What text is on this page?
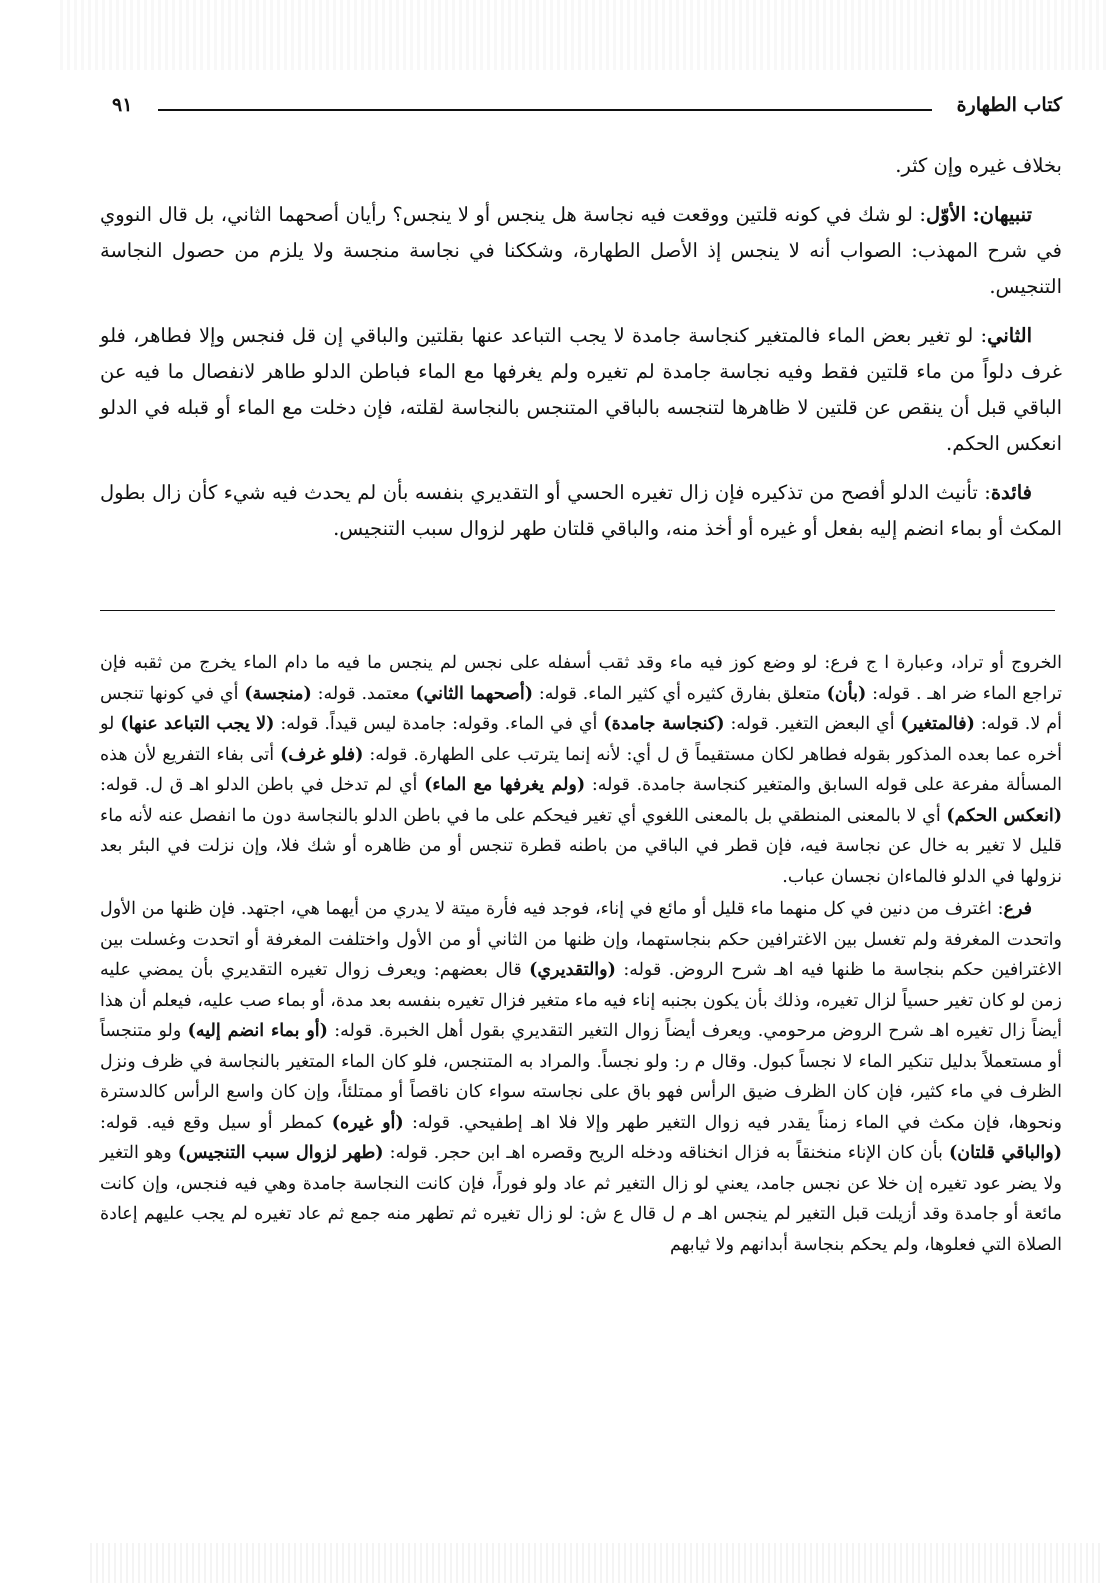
كتاب الطهارة
٩١

بخلاف غيره وإن كثر.

تنبيهان: الأوّل: لو شك في كونه قلتين ووقعت فيه نجاسة هل ينجس أو لا ينجس؟ رأيان أصحهما الثاني، بل قال النووي في شرح المهذب: الصواب أنه لا ينجس إذ الأصل الطهارة، وشككنا في نجاسة منجسة ولا يلزم من حصول النجاسة التنجيس.

الثاني: لو تغير بعض الماء فالمتغير كنجاسة جامدة لا يجب التباعد عنها بقلتين والباقي إن قل فنجس وإلا فطاهر، فلو غرف دلواً من ماء قلتين فقط وفيه نجاسة جامدة لم تغيره ولم يغرفها مع الماء فباطن الدلو طاهر لانفصال ما فيه عن الباقي قبل أن ينقص عن قلتين لا ظاهرها لتنجسه بالباقي المتنجس بالنجاسة لقلته، فإن دخلت مع الماء أو قبله في الدلو انعكس الحكم.

فائدة: تأنيث الدلو أفصح من تذكيره فإن زال تغيره الحسي أو التقديري بنفسه بأن لم يحدث فيه شيء كأن زال بطول المكث أو بماء انضم إليه بفعل أو غيره أو أخذ منه، والباقي قلتان طهر لزوال سبب التنجيس.

الخروج أو تراد، وعبارة ا ج فرع: لو وضع كوز فيه ماء وقد ثقب أسفله على نجس لم ينجس ما فيه ما دام الماء يخرج من ثقبه فإن تراجع الماء ضر اهـ . قوله: (بأن) متعلق بفارق كثيره أي كثير الماء. قوله: (أصحهما الثاني) معتمد. قوله: (منجسة) أي في كونها تنجس أم لا. قوله: (فالمتغير) أي البعض التغير. قوله: (كنجاسة جامدة) أي في الماء. وقوله: جامدة ليس قيداً. قوله: (لا يجب التباعد عنها) لو أخره عما بعده المذكور بقوله فطاهر لكان مستقيماً ق ل أي: لأنه إنما يترتب على الطهارة. قوله: (فلو غرف) أتى بفاء التفريع لأن هذه المسألة مفرعة على قوله السابق والمتغير كنجاسة جامدة. قوله: (ولم يغرفها مع الماء) أي لم تدخل في باطن الدلو اهـ ق ل. قوله: (انعكس الحكم) أي لا بالمعنى المنطقي بل بالمعنى اللغوي أي تغير فيحكم على ما في باطن الدلو بالنجاسة دون ما انفصل عنه لأنه ماء قليل لا تغير به خال عن نجاسة فيه، فإن قطر في الباقي من باطنه قطرة تنجس أو من ظاهره أو شك فلا، وإن نزلت في البئر بعد نزولها في الدلو فالماءان نجسان عباب.

فرع: اغترف من دنين في كل منهما ماء قليل أو مائع في إناء، فوجد فيه فأرة ميتة لا يدري من أيهما هي، اجتهد. فإن ظنها من الأول واتحدت المغرفة ولم تغسل بين الاغترافين حكم بنجاستهما، وإن ظنها من الثاني أو من الأول واختلفت المغرفة أو اتحدت وغسلت بين الاغترافين حكم بنجاسة ما ظنها فيه اهـ شرح الروض. قوله: (والتقديري) قال بعضهم: ويعرف زوال تغيره التقديري بأن يمضي عليه زمن لو كان تغير حسياً لزال تغيره، وذلك بأن يكون بجنبه إناء فيه ماء متغير فزال تغيره بنفسه بعد مدة، أو بماء صب عليه، فيعلم أن هذا أيضاً زال تغيره اهـ شرح الروض مرحومي. ويعرف أيضاً زوال التغير التقديري بقول أهل الخبرة. قوله: (أو بماء انضم إليه) ولو متنجساً أو مستعملاً بدليل تنكير الماء لا نجساً كبول. وقال م ر: ولو نجساً. والمراد به المتنجس، فلو كان الماء المتغير بالنجاسة في ظرف ونزل الظرف في ماء كثير، فإن كان الظرف ضيق الرأس فهو باق على نجاسته سواء كان ناقصاً أو ممتلئاً، وإن كان واسع الرأس كالدسترة ونحوها، فإن مكث في الماء زمناً يقدر فيه زوال التغير طهر وإلا فلا اهـ إطفيحي. قوله: (أو غيره) كمطر أو سيل وقع فيه. قوله: (والباقي قلتان) بأن كان الإناء منخنقاً به فزال انخناقه ودخله الريح وقصره اهـ ابن حجر. قوله: (طهر لزوال سبب التنجيس) وهو التغير ولا يضر عود تغيره إن خلا عن نجس جامد، يعني لو زال التغير ثم عاد ولو فوراً، فإن كانت النجاسة جامدة وهي فيه فنجس، وإن كانت مائعة أو جامدة وقد أزيلت قبل التغير لم ينجس اهـ م ل قال ع ش: لو زال تغيره ثم تطهر منه جمع ثم عاد تغيره لم يجب عليهم إعادة الصلاة التي فعلوها، ولم يحكم بنجاسة أبدانهم ولا ثيابهم
